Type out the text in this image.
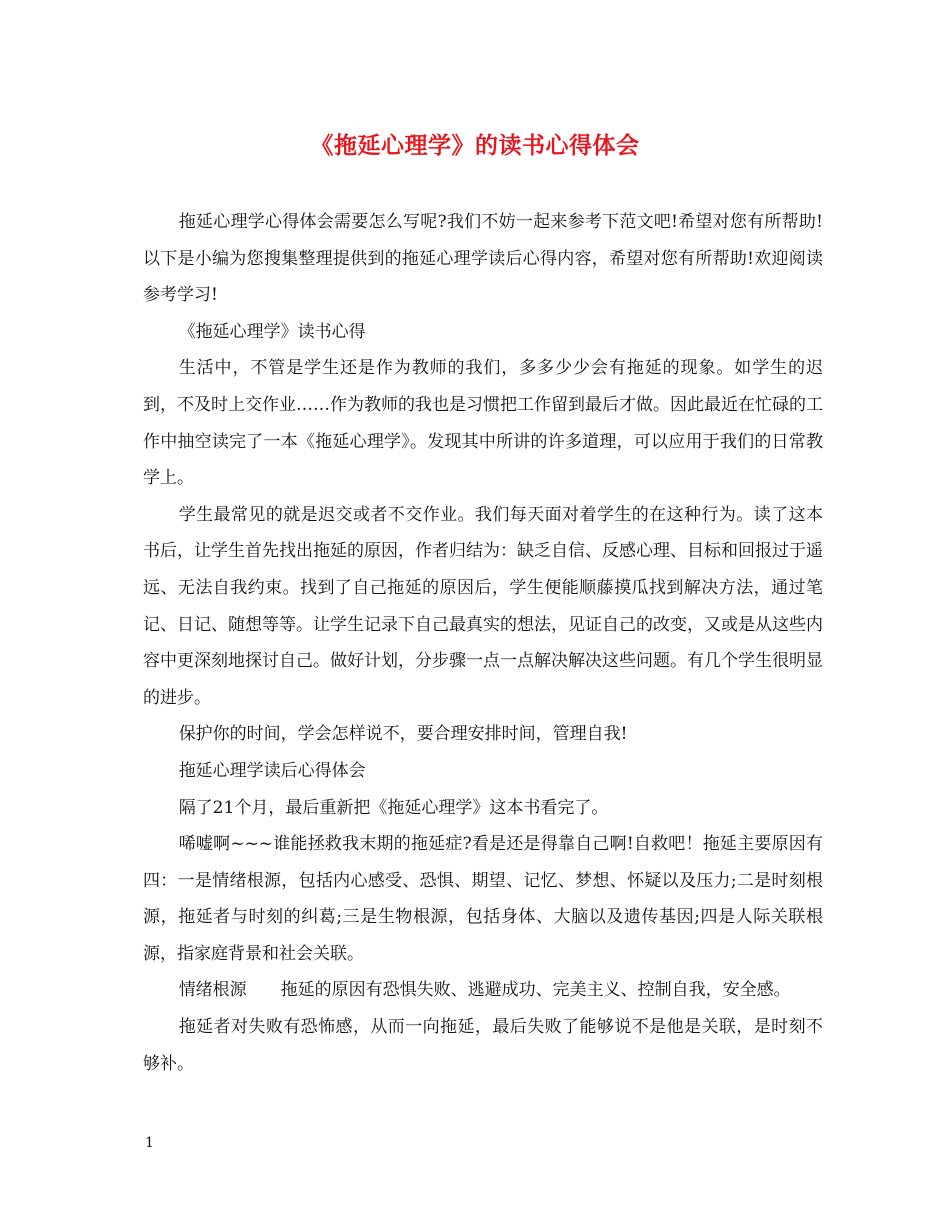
《拖延心理学》的读书心得体会

拖延心理学心得体会需要怎么写呢?我们不妨一起来参考下范文吧!希望对您有所帮助!以下是小编为您搜集整理提供到的拖延心理学读后心得内容，希望对您有所帮助!欢迎阅读参考学习!

《拖延心理学》读书心得

生活中，不管是学生还是作为教师的我们，多多少少会有拖延的现象。如学生的迟到，不及时上交作业……作为教师的我也是习惯把工作留到最后才做。因此最近在忙碌的工作中抽空读完了一本《拖延心理学》。发现其中所讲的许多道理，可以应用于我们的日常教学上。

学生最常见的就是迟交或者不交作业。我们每天面对着学生的在这种行为。读了这本书后，让学生首先找出拖延的原因，作者归结为：缺乏自信、反感心理、目标和回报过于遥远、无法自我约束。找到了自己拖延的原因后，学生便能顺藤摸瓜找到解决方法，通过笔记、日记、随想等等。让学生记录下自己最真实的想法，见证自己的改变，又或是从这些内容中更深刻地探讨自己。做好计划，分步骤一点一点解决解决这些问题。有几个学生很明显的进步。

保护你的时间，学会怎样说不，要合理安排时间，管理自我!

拖延心理学读后心得体会

隔了21个月，最后重新把《拖延心理学》这本书看完了。

唏嘘啊~~~谁能拯救我末期的拖延症?看是还是得靠自己啊!自救吧！拖延主要原因有四：一是情绪根源，包括内心感受、恐惧、期望、记忆、梦想、怀疑以及压力;二是时刻根源，拖延者与时刻的纠葛;三是生物根源，包括身体、大脑以及遗传基因;四是人际关联根源，指家庭背景和社会关联。

情绪根源　　拖延的原因有恐惧失败、逃避成功、完美主义、控制自我，安全感。

拖延者对失败有恐怖感，从而一向拖延，最后失败了能够说不是他是关联，是时刻不够补。

1
